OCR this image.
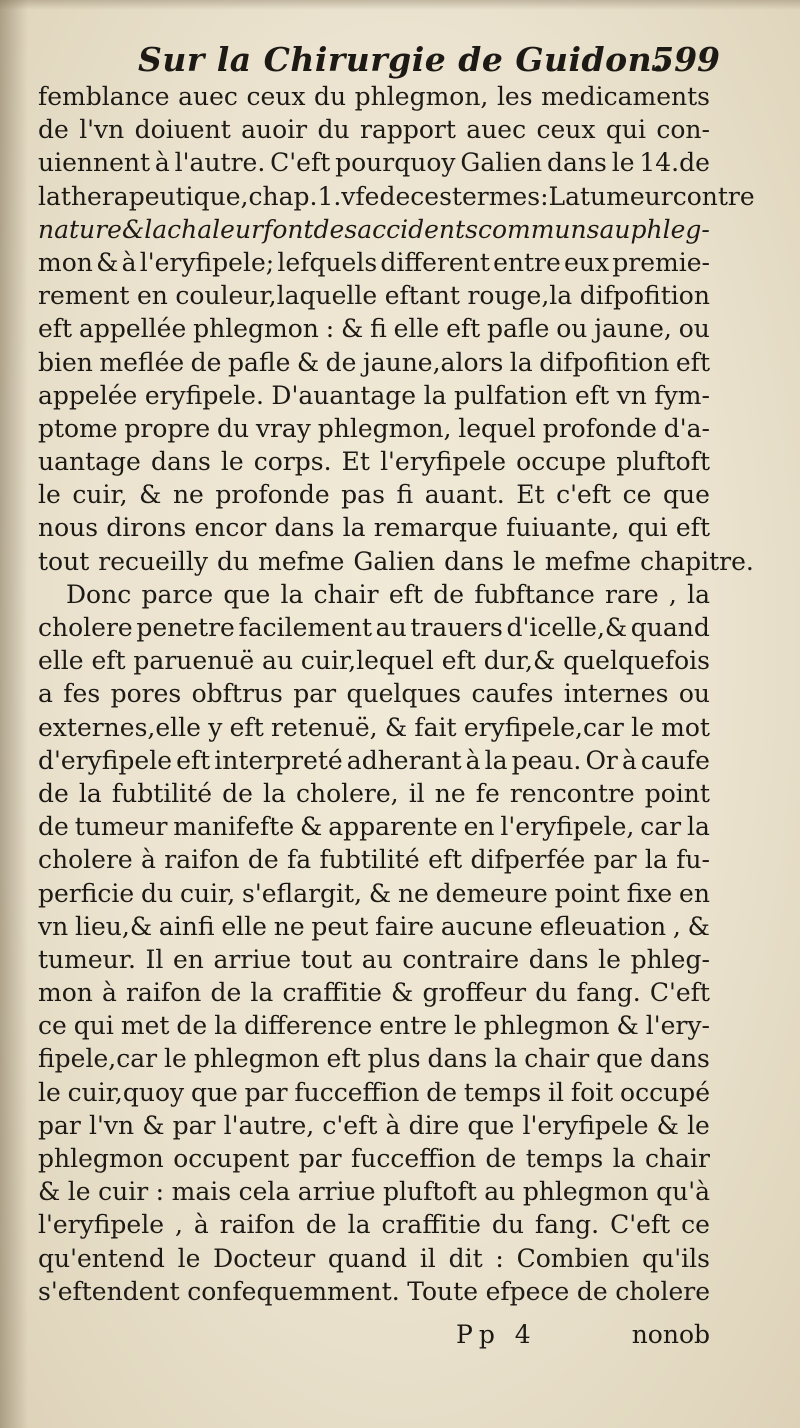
Sur la Chirurgie de Guidon.
599
femblance auec ceux du phlegmon, les medicaments
de l'vn doiuent auoir du rapport auec ceux qui con-
uiennent à l'autre. C'eft pourquoy Galien dans le 14.de
la therapeutique,chap.1.vfe de ces termes : La tumeur contre
nature & la chaleur font des accidents communs au phleg-
mon & à l'eryfipele; lefquels different entre eux premie-
rement en couleur,laquelle eftant rouge,la difpofition
eft appellée phlegmon : & fi elle eft pafle ou jaune, ou
bien meflée de pafle & de jaune,alors la difpofition eft
appelée eryfipele. D'auantage la pulfation eft vn fym-
ptome propre du vray phlegmon, lequel profonde d'a-
uantage dans le corps. Et l'eryfipele occupe pluftoft
le cuir, & ne profonde pas fi auant. Et c'eft ce que
nous dirons encor dans la remarque fuiuante, qui eft
tout recueilly du mefme Galien dans le mefme chapitre.
Donc parce que la chair eft de fubftance rare , la
cholere penetre facilement au trauers d'icelle,& quand
elle eft paruenuë au cuir,lequel eft dur,& quelquefois
a fes pores obftrus par quelques caufes internes ou
externes,elle y eft retenuë, & fait eryfipele,car le mot
d'eryfipele eft interpreté adherant à la peau. Or à caufe
de la fubtilité de la cholere, il ne fe rencontre point
de tumeur manifefte & apparente en l'eryfipele, car la
cholere à raifon de fa fubtilité eft difperfée par la fu-
perficie du cuir, s'eflargit, & ne demeure point fixe en
vn lieu,& ainfi elle ne peut faire aucune efleuation , &
tumeur. Il en arriue tout au contraire dans le phleg-
mon à raifon de la craffitie & groffeur du fang. C'eft
ce qui met de la difference entre le phlegmon & l'ery-
fipele,car le phlegmon eft plus dans la chair que dans
le cuir,quoy que par fucceffion de temps il foit occupé
par l'vn & par l'autre, c'eft à dire que l'eryfipele & le
phlegmon occupent par fucceffion de temps la chair
& le cuir : mais cela arriue pluftoft au phlegmon qu'à
l'eryfipele , à raifon de la craffitie du fang. C'eft ce
qu'entend le Docteur quand il dit : Combien qu'ils
s'eftendent confequemment. Toute efpece de cholere
Pp 4	nonob
